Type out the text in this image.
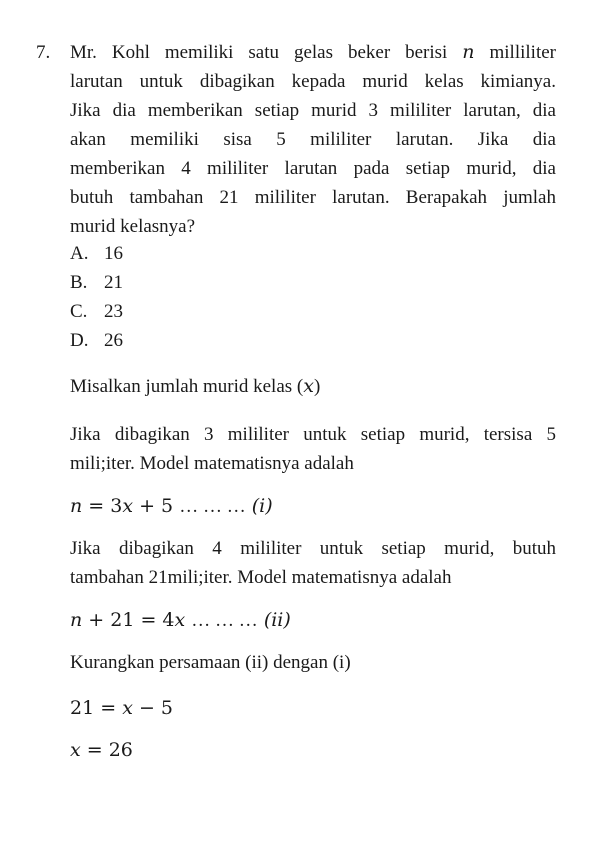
7. Mr. Kohl memiliki satu gelas beker berisi n milliliter
larutan untuk dibagikan kepada murid kelas kimianya.
Jika dia memberikan setiap murid 3 mililiter larutan, dia
akan memiliki sisa 5 mililiter larutan. Jika dia
memberikan 4 mililiter larutan pada setiap murid, dia
butuh tambahan 21 mililiter larutan. Berapakah jumlah
murid kelasnya?
A. 16
B. 21
C. 23
D. 26
Misalkan jumlah murid kelas (x)
Jika dibagikan 3 mililiter untuk setiap murid, tersisa 5
mili;iter. Model matematisnya adalah
n = 3x + 5 … … … (i)
Jika dibagikan 4 mililiter untuk setiap murid, butuh
tambahan 21mili;iter. Model matematisnya adalah
n + 21 = 4x … … … (ii)
Kurangkan persamaan (ii) dengan (i)
21 = x − 5
x = 26
